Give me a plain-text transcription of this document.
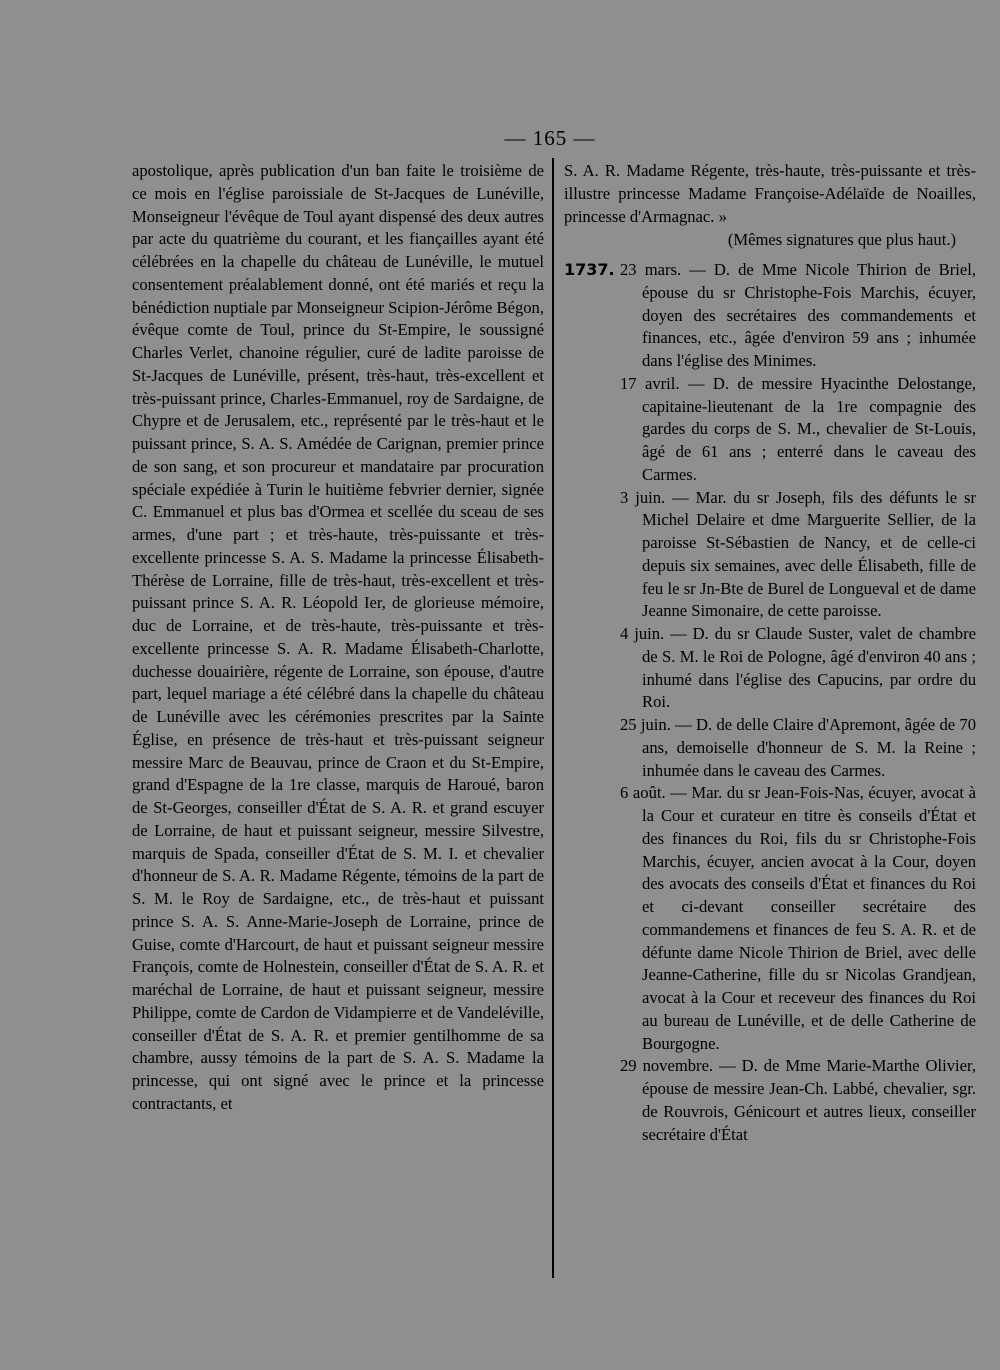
— 165 —

apostolique, après publication d'un ban faite le troisième de ce mois en l'église paroissiale de St-Jacques de Lunéville, Monseigneur l'évêque de Toul ayant dispensé des deux autres par acte du quatrième du courant, et les fiançailles ayant été célébrées en la chapelle du château de Lunéville, le mutuel consentement préalablement donné, ont été mariés et reçu la bénédiction nuptiale par Monseigneur Scipion-Jérôme Bégon, évêque comte de Toul, prince du St-Empire, le soussigné Charles Verlet, chanoine régulier, curé de ladite paroisse de St-Jacques de Lunéville, présent, très-haut, très-excellent et très-puissant prince, Charles-Emmanuel, roy de Sardaigne, de Chypre et de Jerusalem, etc., représenté par le très-haut et le puissant prince, S. A. S. Amédée de Carignan, premier prince de son sang, et son procureur et mandataire par procuration spéciale expédiée à Turin le huitième febvrier dernier, signée C. Emmanuel et plus bas d'Ormea et scellée du sceau de ses armes, d'une part ; et très-haute, très-puissante et très-excellente princesse S. A. S. Madame la princesse Élisabeth-Thérèse de Lorraine, fille de très-haut, très-excellent et très-puissant prince S. A. R. Léopold Ier, de glorieuse mémoire, duc de Lorraine, et de très-haute, très-puissante et très-excellente princesse S. A. R. Madame Élisabeth-Charlotte, duchesse douairière, régente de Lorraine, son épouse, d'autre part, lequel mariage a été célébré dans la chapelle du château de Lunéville avec les cérémonies prescrites par la Sainte Église, en présence de très-haut et très-puissant seigneur messire Marc de Beauvau, prince de Craon et du St-Empire, grand d'Espagne de la 1re classe, marquis de Haroué, baron de St-Georges, conseiller d'État de S. A. R. et grand escuyer de Lorraine, de haut et puissant seigneur, messire Silvestre, marquis de Spada, conseiller d'État de S. M. I. et chevalier d'honneur de S. A. R. Madame Régente, témoins de la part de S. M. le Roy de Sardaigne, etc., de très-haut et puissant prince S. A. S. Anne-Marie-Joseph de Lorraine, prince de Guise, comte d'Harcourt, de haut et puissant seigneur messire François, comte de Holnestein, conseiller d'État de S. A. R. et maréchal de Lorraine, de haut et puissant seigneur, messire Philippe, comte de Cardon de Vidampierre et de Vandeléville, conseiller d'État de S. A. R. et premier gentilhomme de sa chambre, aussy témoins de la part de S. A. S. Madame la princesse, qui ont signé avec le prince et la princesse contractants, et

S. A. R. Madame Régente, très-haute, très-puissante et très-illustre princesse Madame Françoise-Adélaïde de Noailles, princesse d'Armagnac. »

(Mêmes signatures que plus haut.)

1737. 23 mars. — D. de Mme Nicole Thirion de Briel, épouse du sr Christophe-Fois Marchis, écuyer, doyen des secrétaires des commandements et finances, etc., âgée d'environ 59 ans ; inhumée dans l'église des Minimes.

17 avril. — D. de messire Hyacinthe Delostange, capitaine-lieutenant de la 1re compagnie des gardes du corps de S. M., chevalier de St-Louis, âgé de 61 ans ; enterré dans le caveau des Carmes.

3 juin. — Mar. du sr Joseph, fils des défunts le sr Michel Delaire et dme Marguerite Sellier, de la paroisse St-Sébastien de Nancy, et de celle-ci depuis six semaines, avec delle Élisabeth, fille de feu le sr Jn-Bte de Burel de Longueval et de dame Jeanne Simonaire, de cette paroisse.

4 juin. — D. du sr Claude Suster, valet de chambre de S. M. le Roi de Pologne, âgé d'environ 40 ans ; inhumé dans l'église des Capucins, par ordre du Roi.

25 juin. — D. de delle Claire d'Apremont, âgée de 70 ans, demoiselle d'honneur de S. M. la Reine ; inhumée dans le caveau des Carmes.

6 août. — Mar. du sr Jean-Fois-Nas, écuyer, avocat à la Cour et curateur en titre ès conseils d'État et des finances du Roi, fils du sr Christophe-Fois Marchis, écuyer, ancien avocat à la Cour, doyen des avocats des conseils d'État et finances du Roi et ci-devant conseiller secrétaire des commandemens et finances de feu S. A. R. et de défunte dame Nicole Thirion de Briel, avec delle Jeanne-Catherine, fille du sr Nicolas Grandjean, avocat à la Cour et receveur des finances du Roi au bureau de Lunéville, et de delle Catherine de Bourgogne.

29 novembre. — D. de Mme Marie-Marthe Olivier, épouse de messire Jean-Ch. Labbé, chevalier, sgr. de Rouvrois, Génicourt et autres lieux, conseiller secrétaire d'État
